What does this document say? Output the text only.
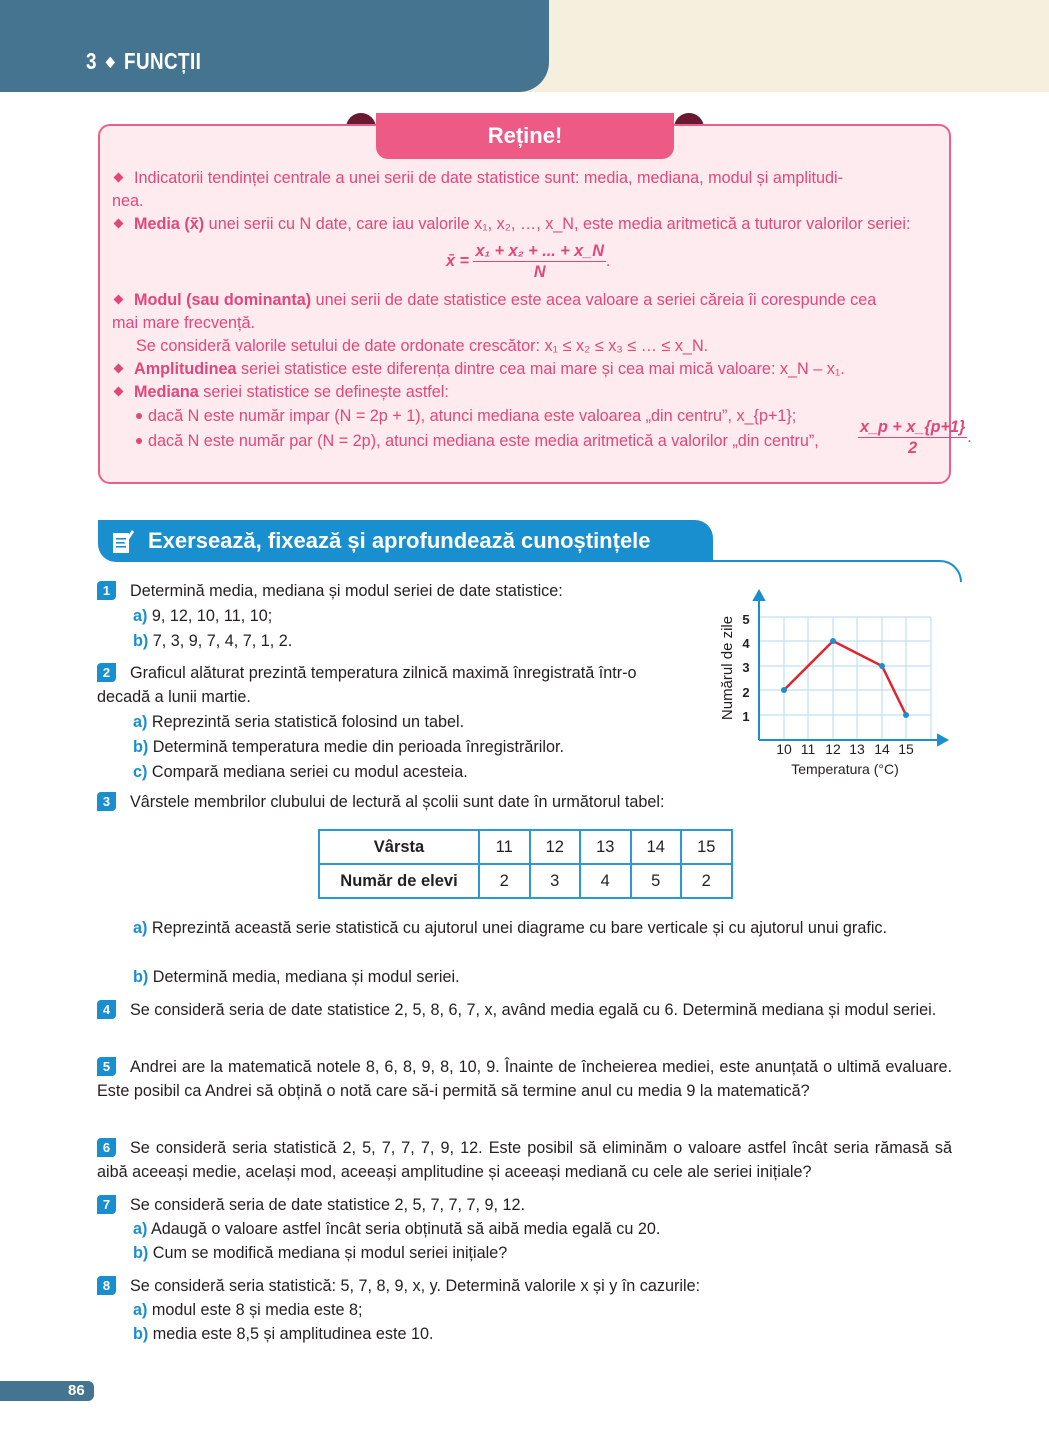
3 ◆ FUNCȚII
Reține!
Indicatorii tendinței centrale a unei serii de date statistice sunt: media, mediana, modul și amplitudi-
nea.
Media (x̄) unei serii cu N date, care iau valorile x₁, x₂, …, x_N, este media aritmetică a tuturor valorilor seriei:
x̄ = $\frac{\text{x₁ + x₂ + ... + x\_N}}{N}$ .
Modul (sau dominanta) unei serii de date statistice este acea valoare a seriei căreia îi corespunde cea
mai mare frecvență.
Se consideră valorile setului de date ordonate crescător: x₁ ≤ x₂ ≤ x₃ ≤ … ≤ x_N.
Amplitudinea seriei statistice este diferența dintre cea mai mare și cea mai mică valoare: x_N – x₁.
Mediana seriei statistice se definește astfel:
dacă N este număr impar (N = 2p + 1), atunci mediana este valoarea „din centru”, x_{p+1};
dacă N este număr par (N = 2p), atunci mediana este media aritmetică a valorilor „din centru”, $\frac{x\_p + x\_\{p+1\}}{2}$ .
Exersează, fixează și aprofundează cunoștințele
1 Determină media, mediana și modul seriei de date statistice:
a) 9, 12, 10, 11, 10;
b) 7, 3, 9, 7, 4, 7, 1, 2.
2 Graficul alăturat prezintă temperatura zilnică maximă înregistrată într-o
decadă a lunii martie.
a) Reprezintă seria statistică folosind un tabel.
b) Determină temperatura medie din perioada înregistrărilor.
c) Compară mediana seriei cu modul acesteia.
5
4
3
2
1
10 11 12 13 14 15
Temperatura (°C)
Numărul de zile
3 Vârstele membrilor clubului de lectură al școlii sunt date în următorul tabel:
Vârsta	11	12	13	14	15
Număr de elevi	2	3	4	5	2
a) Reprezintă această serie statistică cu ajutorul unei diagrame cu bare verticale și cu ajutorul unui grafic.
b) Determină media, mediana și modul seriei.
4 Se consideră seria de date statistice 2, 5, 8, 6, 7, x, având media egală cu 6. Determină mediana și modul seriei.
5 Andrei are la matematică notele 8, 6, 8, 9, 8, 10, 9. Înainte de încheierea mediei, este anunțată o ultimă evaluare. Este posibil ca Andrei să obțină o notă care să-i permită să termine anul cu media 9 la matematică?
6 Se consideră seria statistică 2, 5, 7, 7, 7, 9, 12. Este posibil să eliminăm o valoare astfel încât seria rămasă să aibă aceeași medie, același mod, aceeași amplitudine și aceeași mediană cu cele ale seriei inițiale?
7 Se consideră seria de date statistice 2, 5, 7, 7, 7, 9, 12.
a) Adaugă o valoare astfel încât seria obținută să aibă media egală cu 20.
b) Cum se modifică mediana și modul seriei inițiale?
8 Se consideră seria statistică: 5, 7, 8, 9, x, y. Determină valorile x și y în cazurile:
a) modul este 8 și media este 8;
b) media este 8,5 și amplitudinea este 10.
86
